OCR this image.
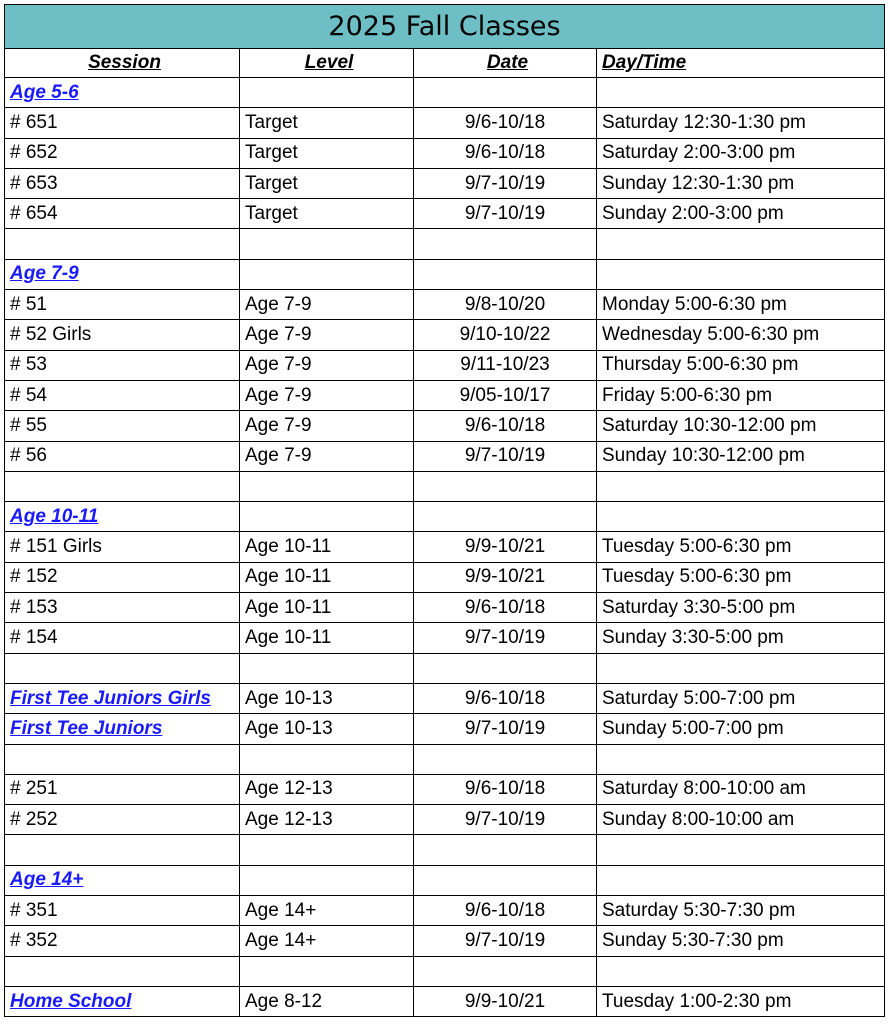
2025 Fall Classes			
Session	Level	Date	Day/Time
Age 5-6			
# 651	Target	9/6-10/18	Saturday 12:30-1:30 pm
# 652	Target	9/6-10/18	Saturday 2:00-3:00 pm
# 653	Target	9/7-10/19	Sunday 12:30-1:30 pm
# 654	Target	9/7-10/19	Sunday 2:00-3:00 pm

Age 7-9			
# 51	Age 7-9	9/8-10/20	Monday 5:00-6:30 pm
# 52 Girls	Age 7-9	9/10-10/22	Wednesday 5:00-6:30 pm
# 53	Age 7-9	9/11-10/23	Thursday 5:00-6:30 pm
# 54	Age 7-9	9/05-10/17	Friday 5:00-6:30 pm
# 55	Age 7-9	9/6-10/18	Saturday 10:30-12:00 pm
# 56	Age 7-9	9/7-10/19	Sunday 10:30-12:00 pm

Age 10-11			
# 151 Girls	Age 10-11	9/9-10/21	Tuesday 5:00-6:30 pm
# 152	Age 10-11	9/9-10/21	Tuesday 5:00-6:30 pm
# 153	Age 10-11	9/6-10/18	Saturday 3:30-5:00 pm
# 154	Age 10-11	9/7-10/19	Sunday 3:30-5:00 pm

First Tee Juniors Girls	Age 10-13	9/6-10/18	Saturday 5:00-7:00 pm
First Tee Juniors	Age 10-13	9/7-10/19	Sunday 5:00-7:00 pm

# 251	Age 12-13	9/6-10/18	Saturday 8:00-10:00 am
# 252	Age 12-13	9/7-10/19	Sunday 8:00-10:00 am

Age 14+			
# 351	Age 14+	9/6-10/18	Saturday 5:30-7:30 pm
# 352	Age 14+	9/7-10/19	Sunday 5:30-7:30 pm

Home School	Age 8-12	9/9-10/21	Tuesday 1:00-2:30 pm
